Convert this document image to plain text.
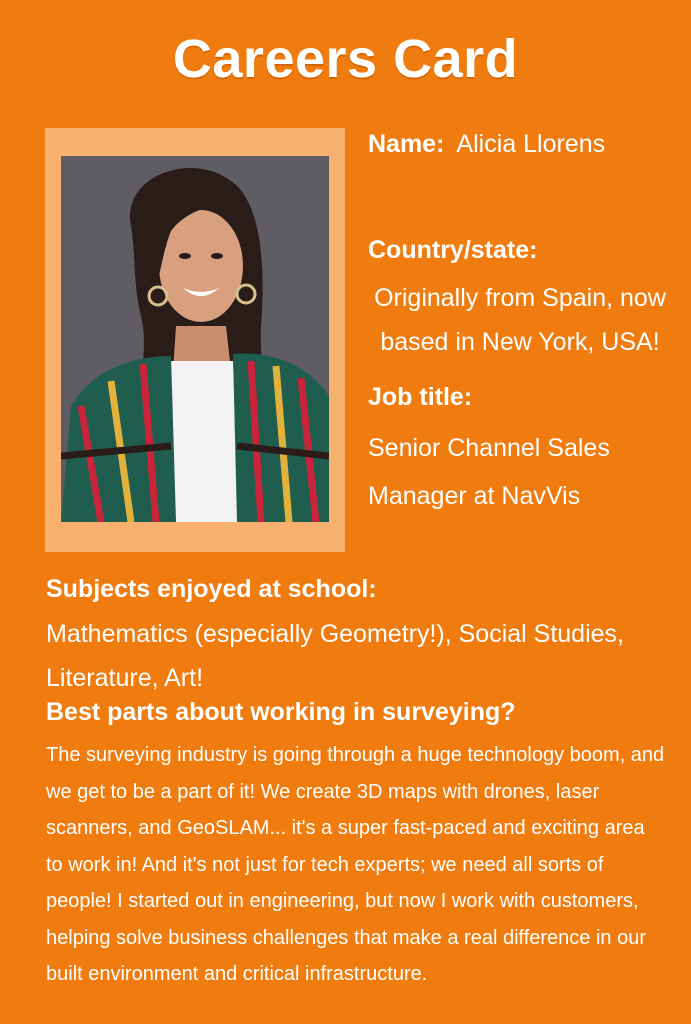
Careers Card
Name: Alicia Llorens
Country/state:
Originally from Spain, now based in New York, USA!
Job title:
Senior Channel Sales Manager at NavVis
Subjects enjoyed at school:
Mathematics (especially Geometry!), Social Studies, Literature, Art!
Best parts about working in surveying?
The surveying industry is going through a huge technology boom, and we get to be a part of it! We create 3D maps with drones, laser scanners, and GeoSLAM... it's a super fast-paced and exciting area to work in! And it's not just for tech experts; we need all sorts of people! I started out in engineering, but now I work with customers, helping solve business challenges that make a real difference in our built environment and critical infrastructure.
